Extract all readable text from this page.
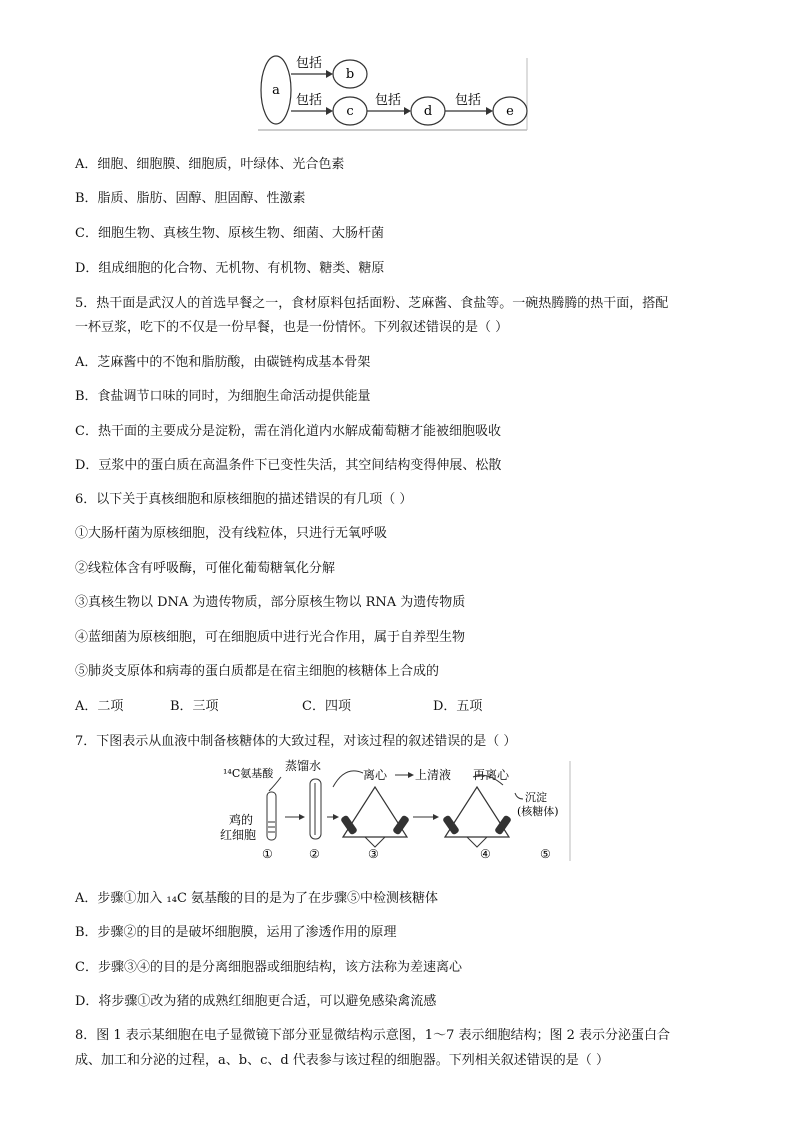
a
b
c	d	e
包括
包括	包括	包括
A．细胞、细胞膜、细胞质，叶绿体、光合色素
B．脂质、脂肪、固醇、胆固醇、性激素
C．细胞生物、真核生物、原核生物、细菌、大肠杆菌
D．组成细胞的化合物、无机物、有机物、糖类、糖原
5．热干面是武汉人的首选早餐之一，食材原料包括面粉、芝麻酱、食盐等。一碗热腾腾的热干面，搭配
一杯豆浆，吃下的不仅是一份早餐，也是一份情怀。下列叙述错误的是（ ）
A．芝麻酱中的不饱和脂肪酸，由碳链构成基本骨架
B．食盐调节口味的同时，为细胞生命活动提供能量
C．热干面的主要成分是淀粉，需在消化道内水解成葡萄糖才能被细胞吸收
D．豆浆中的蛋白质在高温条件下已变性失活，其空间结构变得伸展、松散
6．以下关于真核细胞和原核细胞的描述错误的有几项（ ）
①大肠杆菌为原核细胞，没有线粒体，只进行无氧呼吸
②线粒体含有呼吸酶，可催化葡萄糖氧化分解
③真核生物以 DNA 为遗传物质，部分原核生物以 RNA 为遗传物质
④蓝细菌为原核细胞，可在细胞质中进行光合作用，属于自养型生物
⑤肺炎支原体和病毒的蛋白质都是在宿主细胞的核糖体上合成的
A．二项	B．三项	C．四项	D．五项
7．下图表示从血液中制备核糖体的大致过程，对该过程的叙述错误的是（ ）
¹⁴C氨基酸
蒸馏水
离心 上清液 再离心
沉淀
(核糖体)
鸡的
红细胞
①	②	③	④	⑤
A．步骤①加入 ₁₄C 氨基酸的目的是为了在步骤⑤中检测核糖体
B．步骤②的目的是破坏细胞膜，运用了渗透作用的原理
C．步骤③④的目的是分离细胞器或细胞结构，该方法称为差速离心
D．将步骤①改为猪的成熟红细胞更合适，可以避免感染禽流感
8．图 1 表示某细胞在电子显微镜下部分亚显微结构示意图，1～7 表示细胞结构；图 2 表示分泌蛋白合
成、加工和分泌的过程，a、b、c、d 代表参与该过程的细胞器。下列相关叙述错误的是（ ）
